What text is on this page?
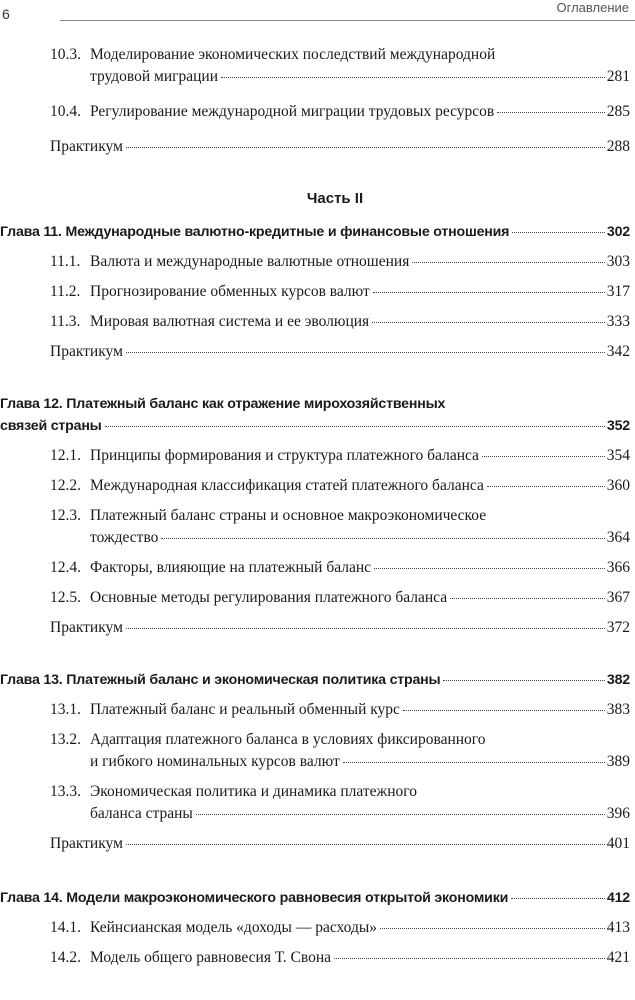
6	Оглавление
10.3. Моделирование экономических последствий международной
трудовой миграции	281
10.4. Регулирование международной миграции трудовых ресурсов	285
Практикум	288
Часть II
Глава 11. Международные валютно-кредитные и финансовые отношения	302
11.1. Валюта и международные валютные отношения	303
11.2. Прогнозирование обменных курсов валют	317
11.3. Мировая валютная система и ее эволюция	333
Практикум	342
Глава 12. Платежный баланс как отражение мирохозяйственных
связей страны	352
12.1. Принципы формирования и структура платежного баланса	354
12.2. Международная классификация статей платежного баланса	360
12.3. Платежный баланс страны и основное макроэкономическое
тождество	364
12.4. Факторы, влияющие на платежный баланс	366
12.5. Основные методы регулирования платежного баланса	367
Практикум	372
Глава 13. Платежный баланс и экономическая политика страны	382
13.1. Платежный баланс и реальный обменный курс	383
13.2. Адаптация платежного баланса в условиях фиксированного
и гибкого номинальных курсов валют	389
13.3. Экономическая политика и динамика платежного
баланса страны	396
Практикум	401
Глава 14. Модели макроэкономического равновесия открытой экономики	412
14.1. Кейнсианская модель «доходы — расходы»	413
14.2. Модель общего равновесия Т. Свона	421
